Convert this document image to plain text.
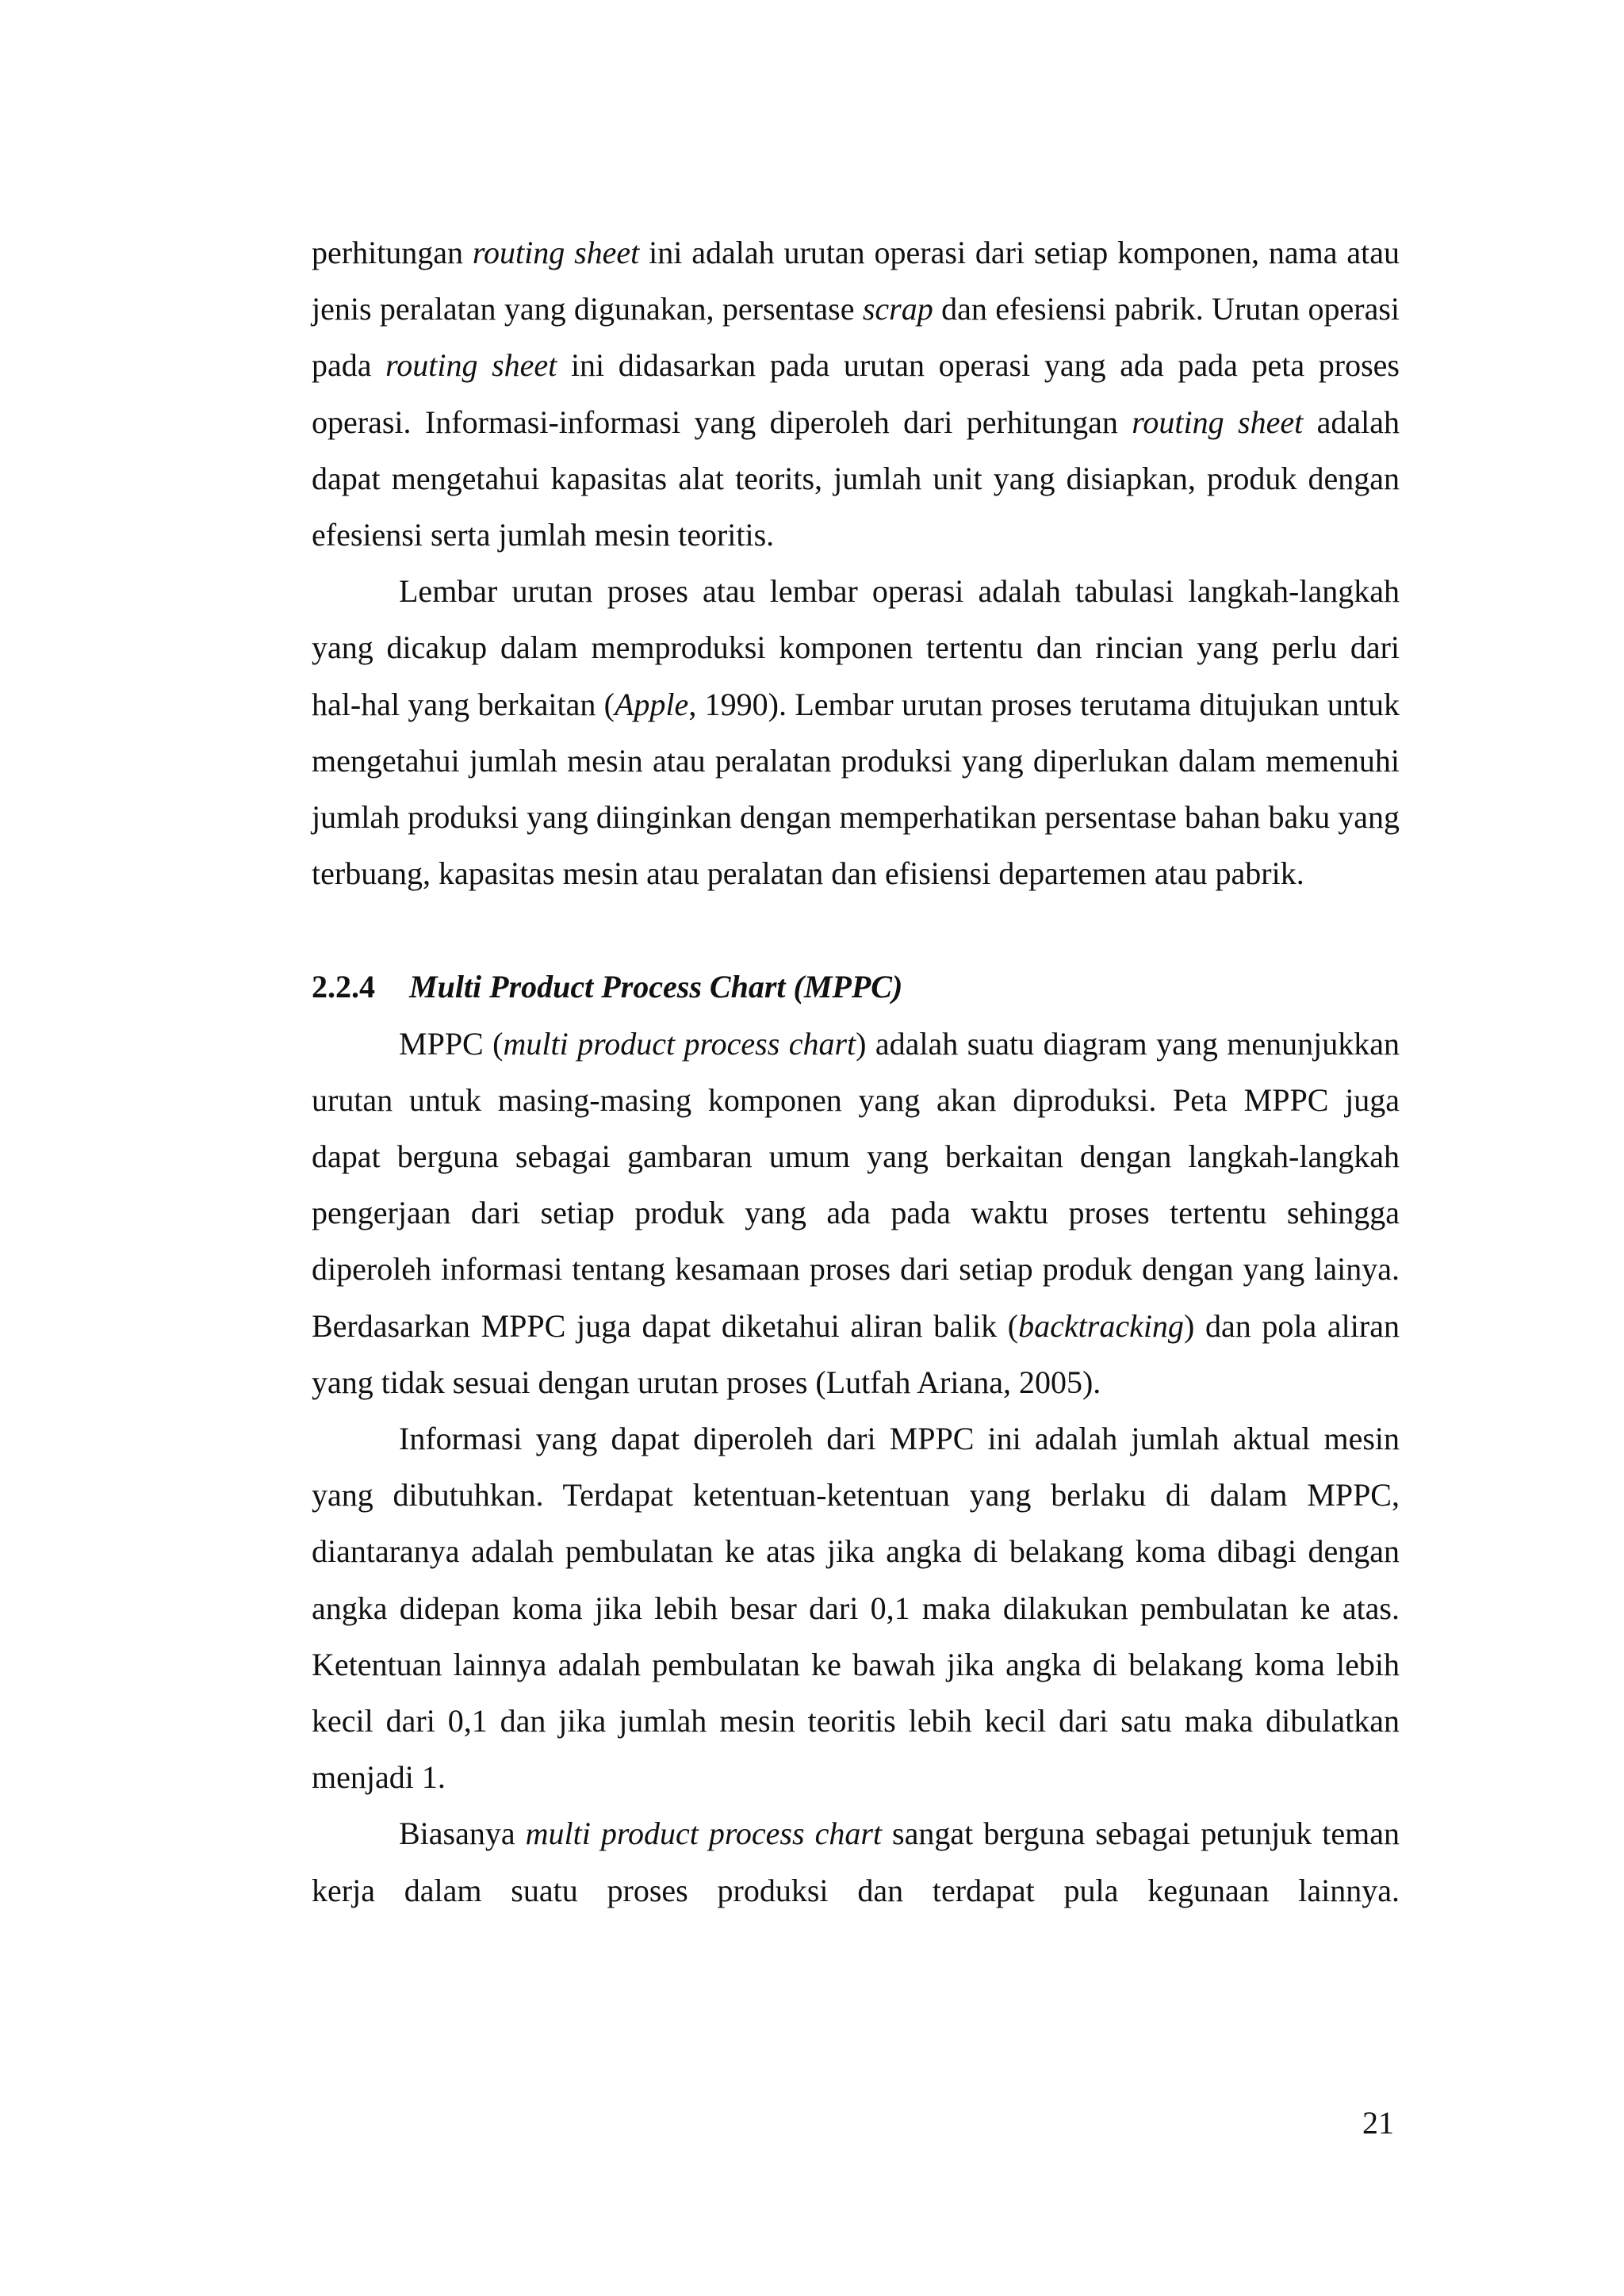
perhitungan routing sheet ini adalah urutan operasi dari setiap komponen, nama atau jenis peralatan yang digunakan, persentase scrap dan efesiensi pabrik. Urutan operasi pada routing sheet ini didasarkan pada urutan operasi yang ada pada peta proses operasi. Informasi-informasi yang diperoleh dari perhitungan routing sheet adalah dapat mengetahui kapasitas alat teorits, jumlah unit yang disiapkan, produk dengan efesiensi serta jumlah mesin teoritis.

Lembar urutan proses atau lembar operasi adalah tabulasi langkah-langkah yang dicakup dalam memproduksi komponen tertentu dan rincian yang perlu dari hal-hal yang berkaitan (Apple, 1990). Lembar urutan proses terutama ditujukan untuk mengetahui jumlah mesin atau peralatan produksi yang diperlukan dalam memenuhi jumlah produksi yang diinginkan dengan memperhatikan persentase bahan baku yang terbuang, kapasitas mesin atau peralatan dan efisiensi departemen atau pabrik.

2.2.4	Multi Product Process Chart (MPPC)

MPPC (multi product process chart) adalah suatu diagram yang menunjukkan urutan untuk masing-masing komponen yang akan diproduksi. Peta MPPC juga dapat berguna sebagai gambaran umum yang berkaitan dengan langkah-langkah pengerjaan dari setiap produk yang ada pada waktu proses tertentu sehingga diperoleh informasi tentang kesamaan proses dari setiap produk dengan yang lainya. Berdasarkan MPPC juga dapat diketahui aliran balik (backtracking) dan pola aliran yang tidak sesuai dengan urutan proses (Lutfah Ariana, 2005).

Informasi yang dapat diperoleh dari MPPC ini adalah jumlah aktual mesin yang dibutuhkan. Terdapat ketentuan-ketentuan yang berlaku di dalam MPPC, diantaranya adalah pembulatan ke atas jika angka di belakang koma dibagi dengan angka didepan koma jika lebih besar dari 0,1 maka dilakukan pembulatan ke atas. Ketentuan lainnya adalah pembulatan ke bawah jika angka di belakang koma lebih kecil dari 0,1 dan jika jumlah mesin teoritis lebih kecil dari satu maka dibulatkan menjadi 1.

Biasanya multi product process chart sangat berguna sebagai petunjuk teman kerja dalam suatu proses produksi dan terdapat pula kegunaan lainnya.

21
